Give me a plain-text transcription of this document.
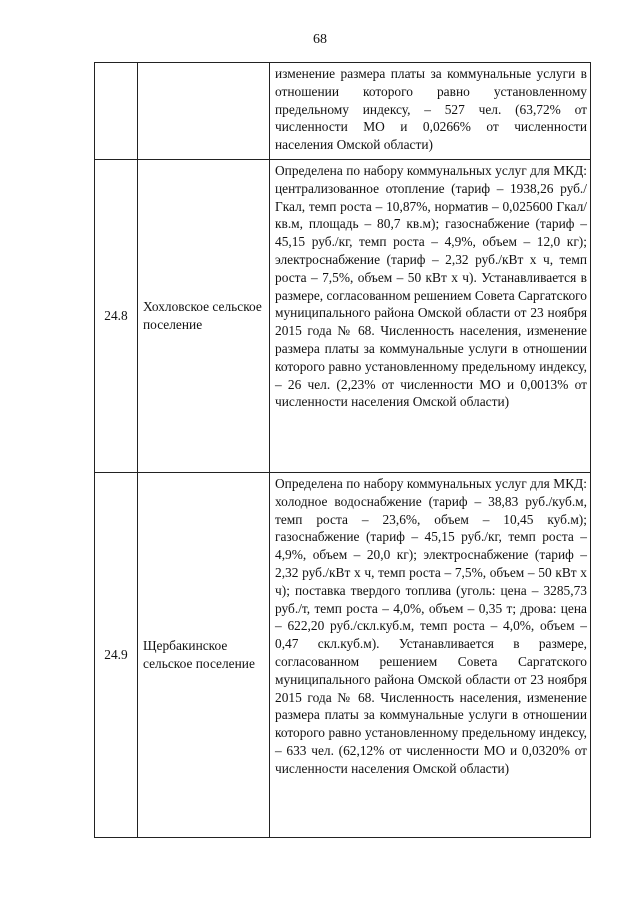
68

		изменение размера платы за коммунальные услуги в отношении которого равно установленному предельному индексу, – 527 чел. (63,72% от численности МО и 0,0266% от численности населения Омской области)

24.8	Хохловское сельское поселение	Определена по набору коммунальных услуг для МКД: централизованное отопление (тариф – 1938,26 руб./Гкал, темп роста – 10,87%, норматив – 0,025600 Гкал/кв.м, площадь – 80,7 кв.м); газоснабжение (тариф – 45,15 руб./кг, темп роста – 4,9%, объем – 12,0 кг); электроснабжение (тариф – 2,32 руб./кВт х ч, темп роста – 7,5%, объем – 50 кВт х ч). Устанавливается в размере, согласованном решением Совета Саргатского муниципального района Омской области от 23 ноября 2015 года № 68. Численность населения, изменение размера платы за коммунальные услуги в отношении которого равно установленному предельному индексу, – 26 чел. (2,23% от численности МО и 0,0013% от численности населения Омской области)

24.9	Щербакинское сельское поселение	Определена по набору коммунальных услуг для МКД: холодное водоснабжение (тариф – 38,83 руб./куб.м, темп роста – 23,6%, объем – 10,45 куб.м); газоснабжение (тариф – 45,15 руб./кг, темп роста – 4,9%, объем – 20,0 кг); электроснабжение (тариф – 2,32 руб./кВт х ч, темп роста – 7,5%, объем – 50 кВт х ч); поставка твердого топлива (уголь: цена – 3285,73 руб./т, темп роста – 4,0%, объем – 0,35 т; дрова: цена – 622,20 руб./скл.куб.м, темп роста – 4,0%, объем – 0,47 скл.куб.м). Устанавливается в размере, согласованном решением Совета Саргатского муниципального района Омской области от 23 ноября 2015 года № 68. Численность населения, изменение размера платы за коммунальные услуги в отношении которого равно установленному предельному индексу, – 633 чел. (62,12% от численности МО и 0,0320% от численности населения Омской области)
